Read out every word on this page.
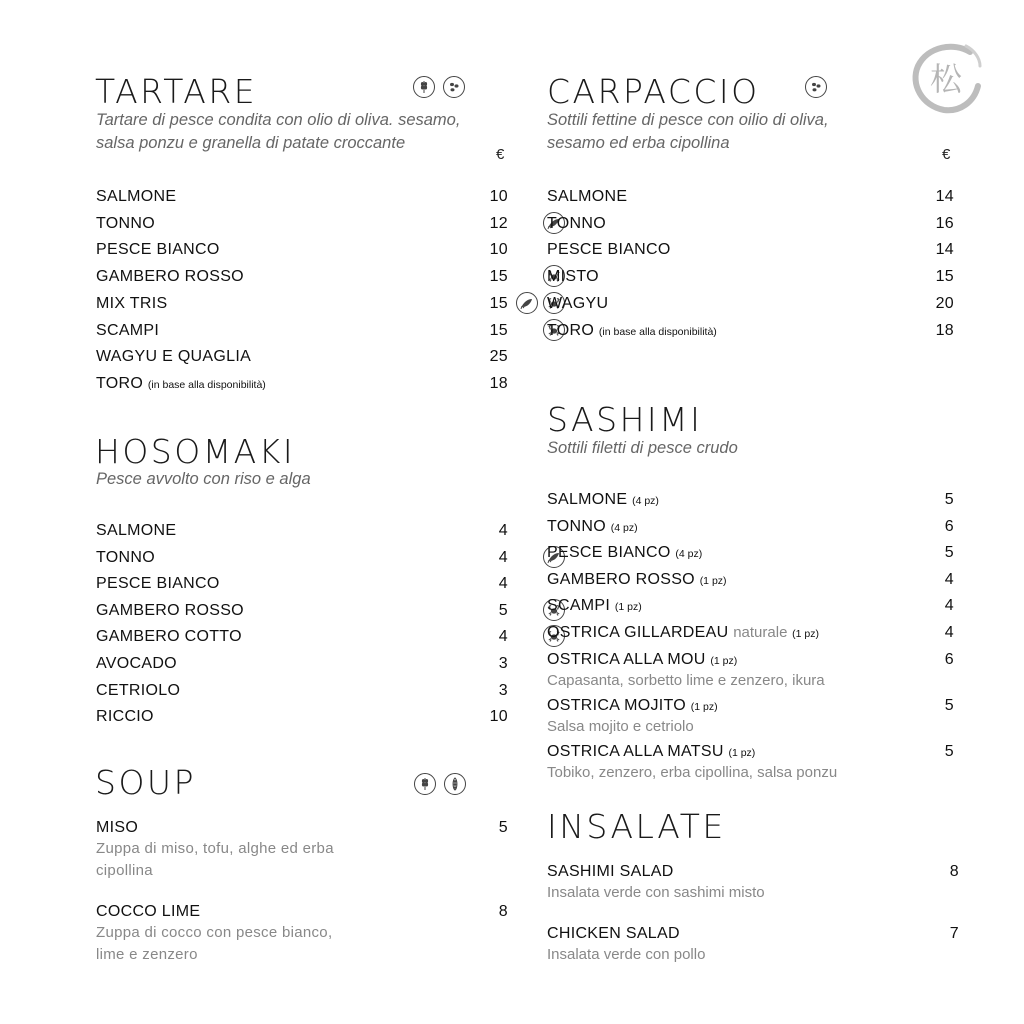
松
TARTARE
Tartare di pesce condita con olio di oliva. sesamo,
salsa ponzu e granella di patate croccante
€
SALMONE	10
TONNO	12
PESCE BIANCO	10
GAMBERO ROSSO	15
MIX TRIS	15
SCAMPI	15
WAGYU E QUAGLIA	25
TORO (in base alla disponibilità)	18
CARPACCIO
Sottili fettine di pesce con oilio di oliva,
sesamo ed erba cipollina
€
SALMONE	14
TONNO	16
PESCE BIANCO	14
MISTO	15
WAGYU	20
TORO (in base alla disponibilità)	18
HOSOMAKI
Pesce avvolto con riso e alga
SALMONE	4
TONNO	4
PESCE BIANCO	4
GAMBERO ROSSO	5
GAMBERO COTTO	4
AVOCADO	3
CETRIOLO	3
RICCIO	10
SASHIMI
Sottili filetti di pesce crudo
SALMONE (4 pz)	5
TONNO (4 pz)	6
PESCE BIANCO (4 pz)	5
GAMBERO ROSSO (1 pz)	4
SCAMPI (1 pz)	4
OSTRICA GILLARDEAU naturale (1 pz)	4
OSTRICA ALLA MOU (1 pz)	6
Capasanta, sorbetto lime e zenzero, ikura
OSTRICA MOJITO (1 pz)	5
Salsa mojito e cetriolo
OSTRICA ALLA MATSU (1 pz)	5
Tobiko, zenzero, erba cipollina, salsa ponzu
SOUP
MISO	5
Zuppa di miso, tofu, alghe ed erba
cipollina
COCCO LIME	8
Zuppa di cocco con pesce bianco,
lime e zenzero
INSALATE
SASHIMI SALAD	8
Insalata verde con sashimi misto
CHICKEN SALAD	7
Insalata verde con pollo
